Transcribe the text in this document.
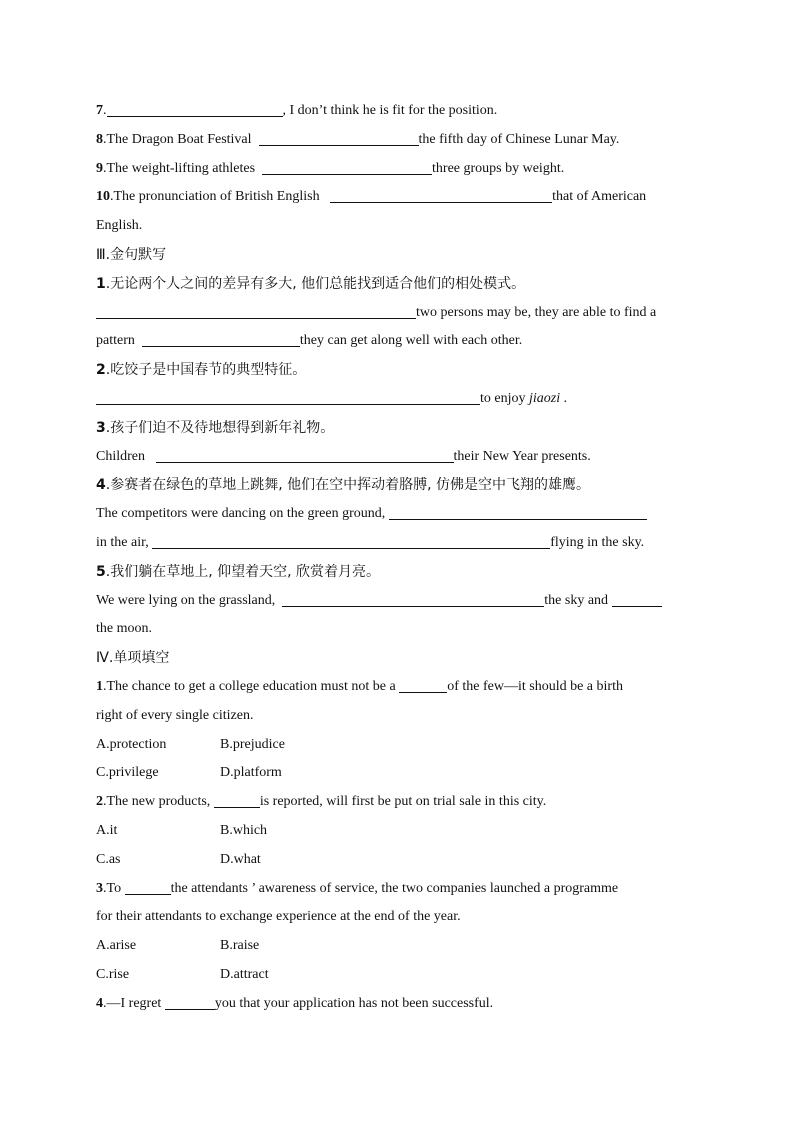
7.	, I don’t think he is fit for the position.
8.The Dragon Boat Festival	the fifth day of Chinese Lunar May.
9.The weight-lifting athletes	three groups by weight.
10.The pronunciation of British English	that of American
English.
Ⅲ.金句默写
1.无论两个人之间的差异有多大, 他们总能找到适合他们的相处模式。
two persons may be, they are able to find a
pattern	they can get along well with each other.
2.吃饺子是中国春节的典型特征。
to enjoy jiaozi .
3.孩子们迫不及待地想得到新年礼物。
Children	their New Year presents.
4.参赛者在绿色的草地上跳舞, 他们在空中挥动着胳膊, 仿佛是空中飞翔的雄鹰。
The competitors were dancing on the green ground,
in the air,	flying in the sky.
5.我们躺在草地上, 仰望着天空, 欣赏着月亮。
We were lying on the grassland,	the sky and
the moon.
Ⅳ.单项填空
1.The chance to get a college education must not be a	of the few—it should be a birth
right of every single citizen.
A.protection	B.prejudice
C.privilege	D.platform
2.The new products,	is reported, will first be put on trial sale in this city.
A.it	B.which
C.as	D.what
3.To	the attendants ’ awareness of service, the two companies launched a programme
for their attendants to exchange experience at the end of the year.
A.arise	B.raise
C.rise	D.attract
4.—I regret	you that your application has not been successful.
